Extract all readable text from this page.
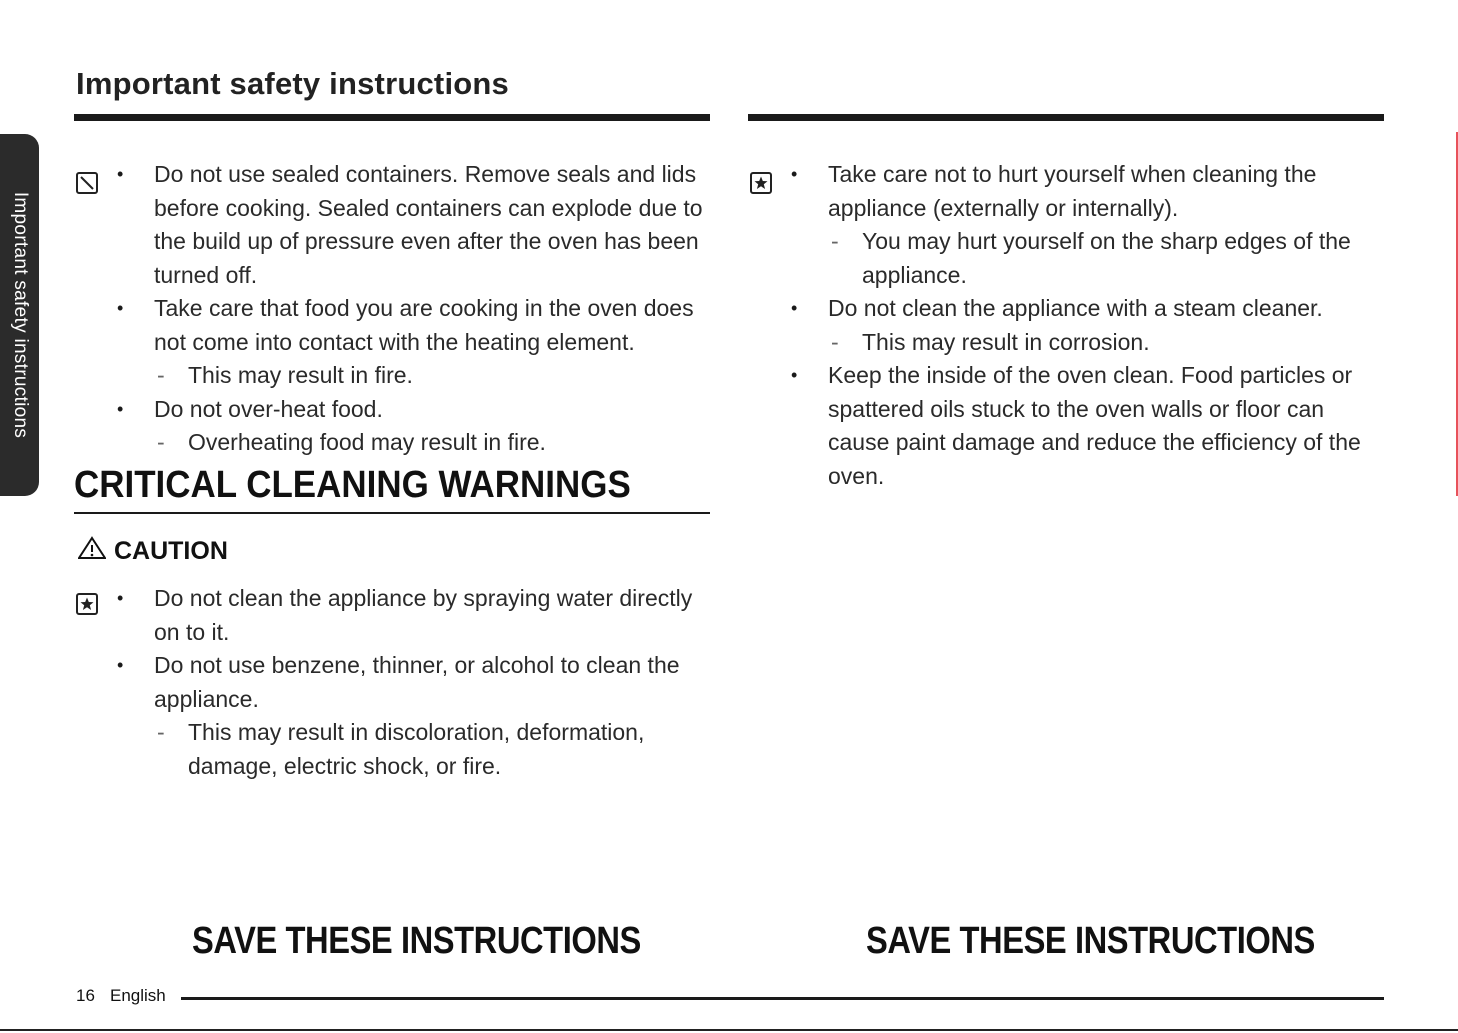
Important safety instructions
Important safety instructions
• Do not use sealed containers. Remove seals and lids before cooking. Sealed containers can explode due to the build up of pressure even after the oven has been turned off.
• Take care that food you are cooking in the oven does not come into contact with the heating element.
- This may result in fire.
• Do not over-heat food.
- Overheating food may result in fire.
CRITICAL CLEANING WARNINGS
CAUTION
• Do not clean the appliance by spraying water directly on to it.
• Do not use benzene, thinner, or alcohol to clean the appliance.
- This may result in discoloration, deformation, damage, electric shock, or fire.
• Take care not to hurt yourself when cleaning the appliance (externally or internally).
- You may hurt yourself on the sharp edges of the appliance.
• Do not clean the appliance with a steam cleaner.
- This may result in corrosion.
• Keep the inside of the oven clean. Food particles or spattered oils stuck to the oven walls or floor can cause paint damage and reduce the efficiency of the oven.
SAVE THESE INSTRUCTIONS	SAVE THESE INSTRUCTIONS
16 English
